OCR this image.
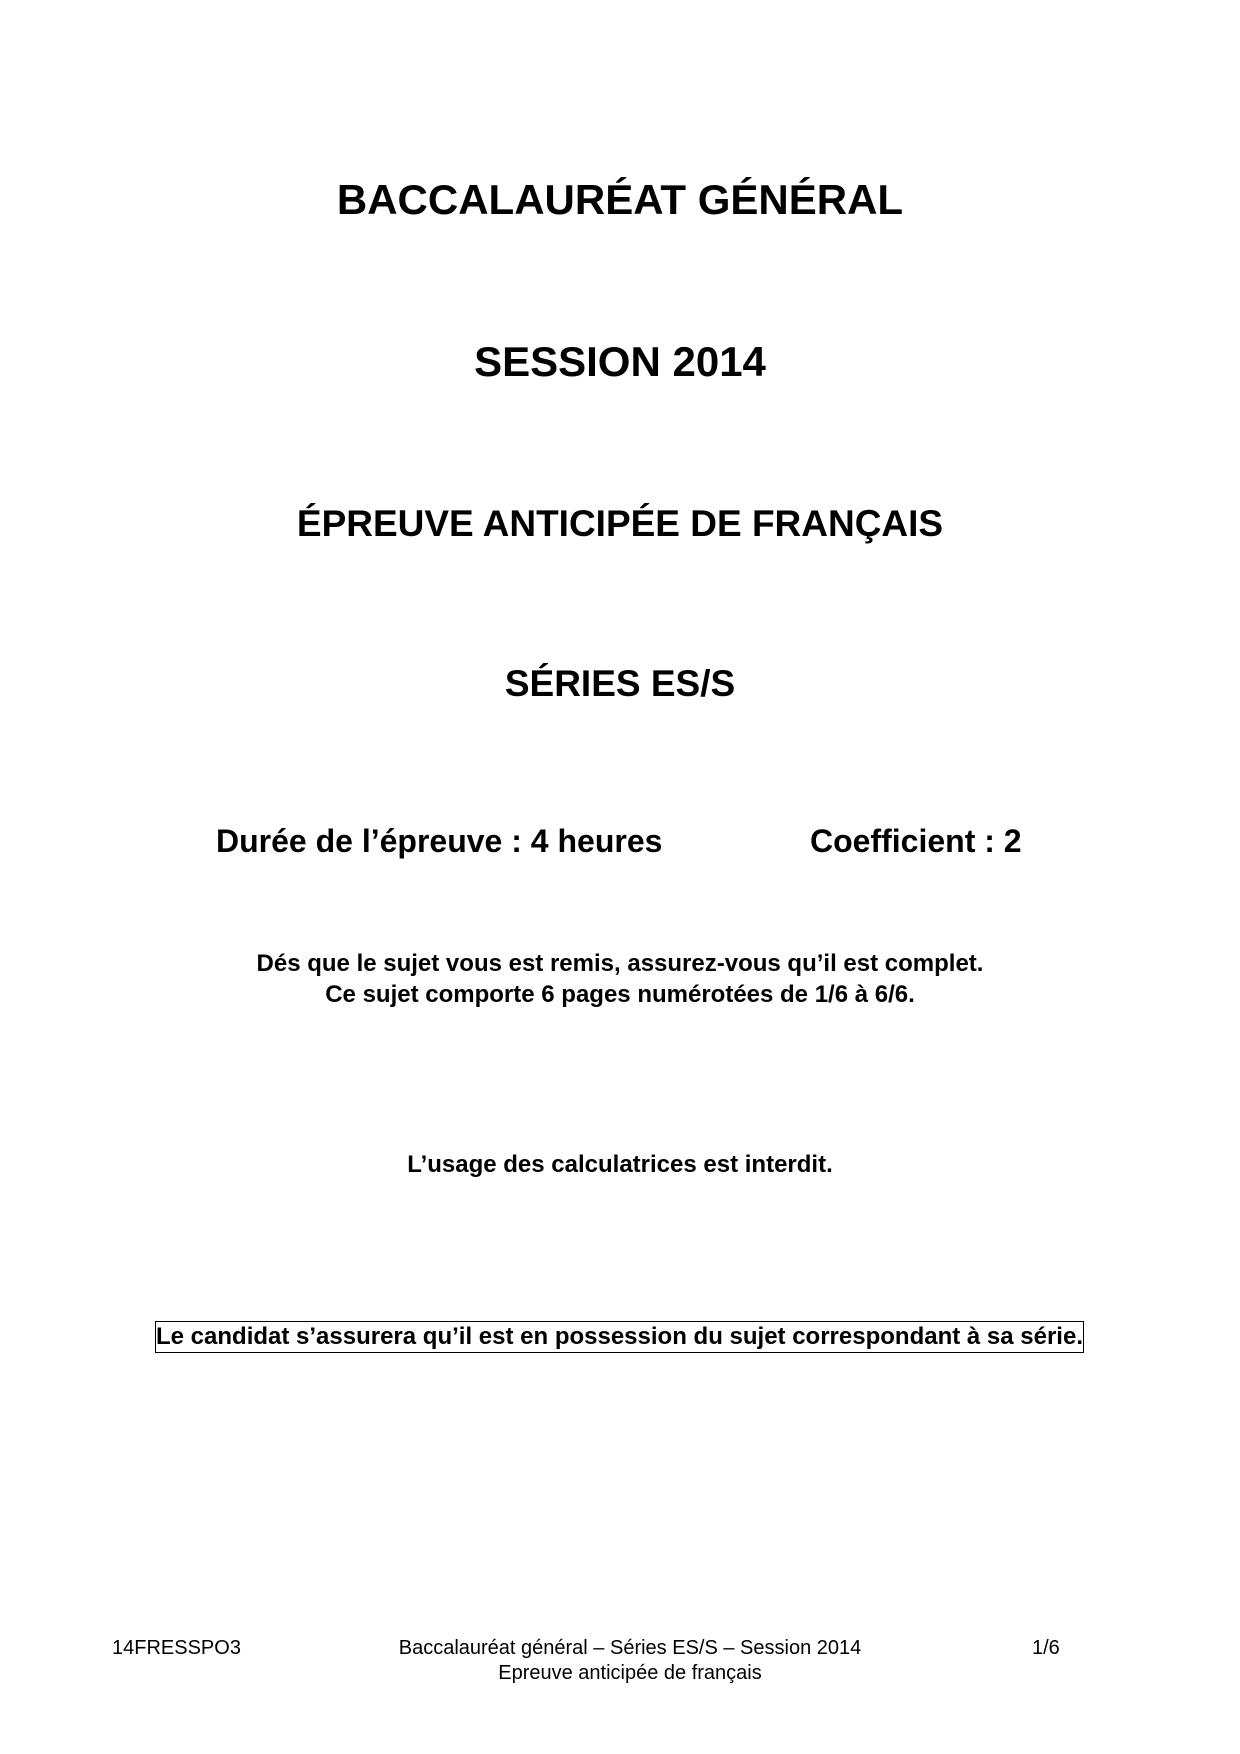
BACCALAURÉAT GÉNÉRAL
SESSION 2014
ÉPREUVE ANTICIPÉE DE FRANÇAIS
SÉRIES ES/S
Durée de l’épreuve : 4 heures	Coefficient : 2
Dés que le sujet vous est remis, assurez-vous qu’il est complet.
Ce sujet comporte 6 pages numérotées de 1/6 à 6/6.
L’usage des calculatrices est interdit.
Le candidat s’assurera qu’il est en possession du sujet correspondant à sa série.
14FRESSPO3	Baccalauréat général – Séries ES/S – Session 2014
Epreuve anticipée de français
1/6
